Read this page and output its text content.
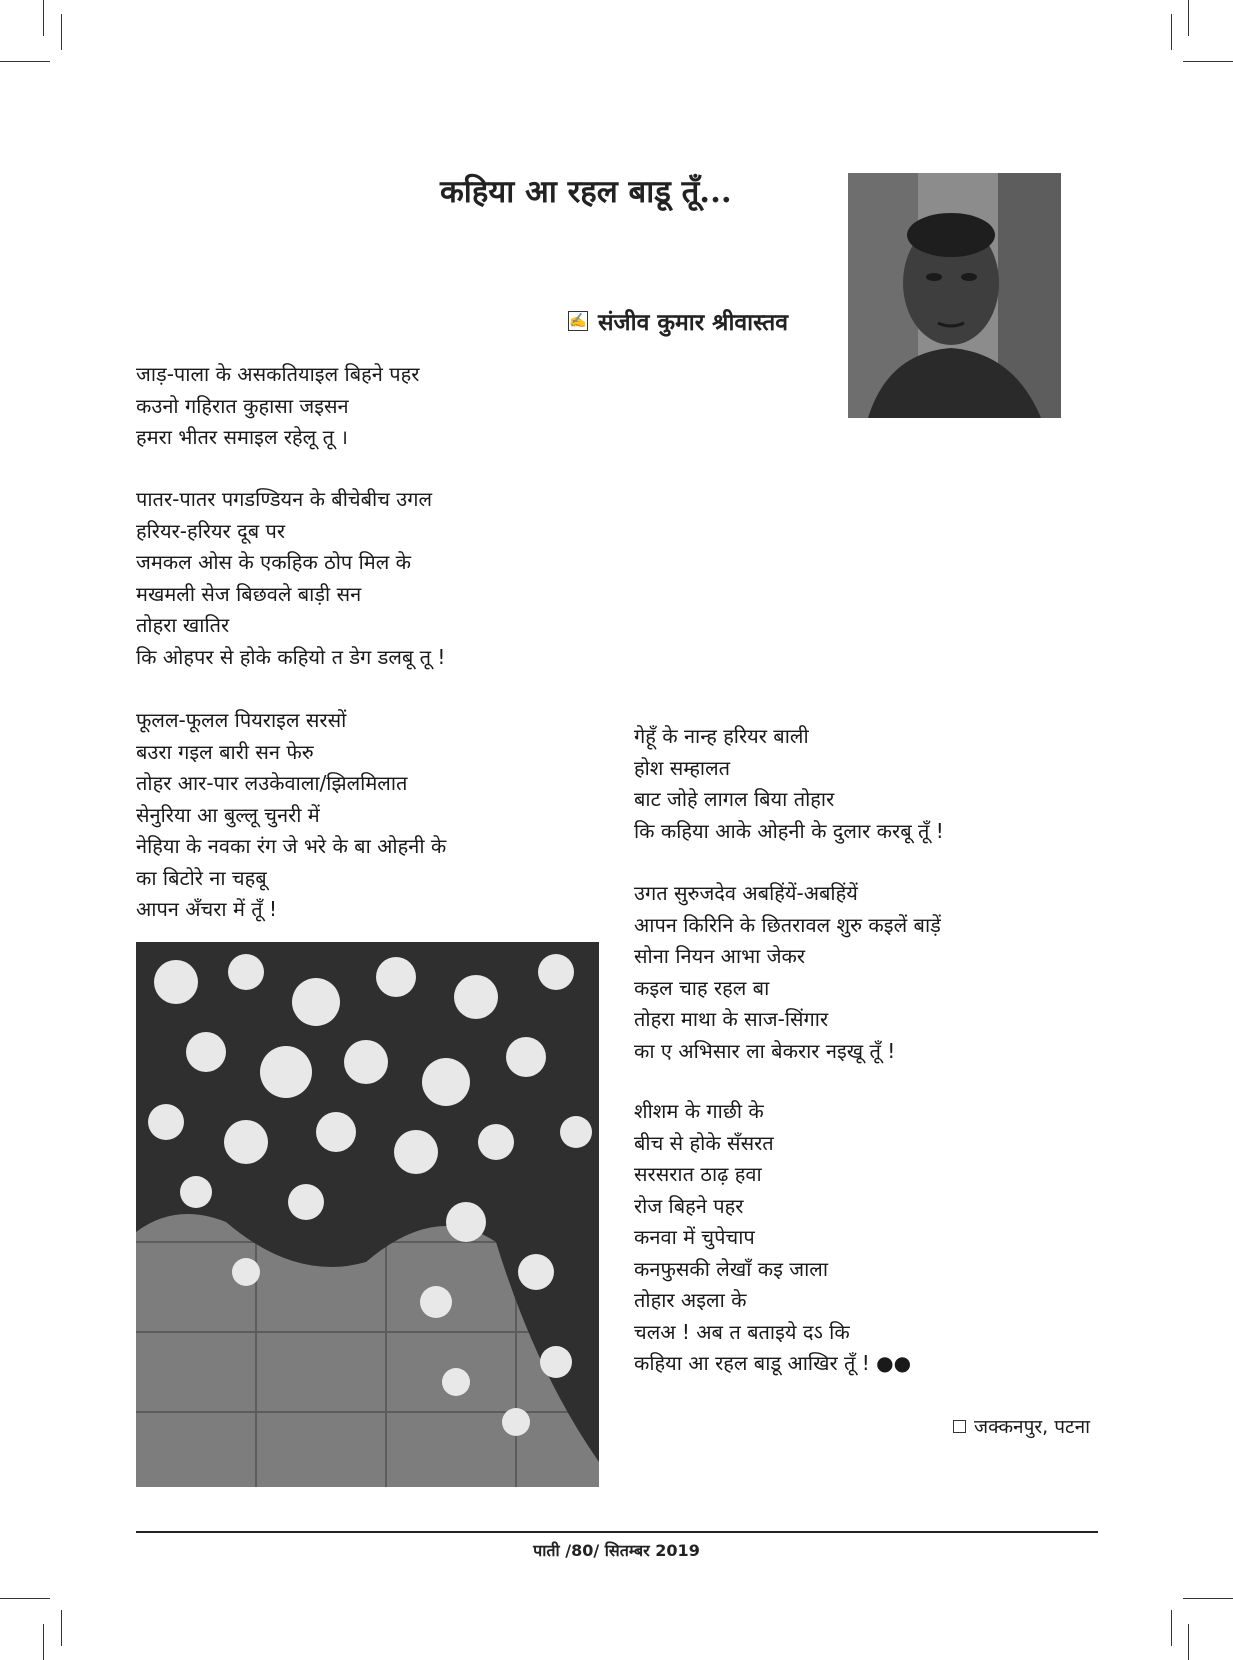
कहिया आ रहल बाडू तूँ...
✍ संजीव कुमार श्रीवास्तव
जाड़-पाला के असकतियाइल बिहने पहर
कउनो गहिरात कुहासा जइसन
हमरा भीतर समाइल रहेलू तू ।
पातर-पातर पगडण्डियन के बीचेबीच उगल
हरियर-हरियर दूब पर
जमकल ओस के एकहिक ठोप मिल के
मखमली सेज बिछवले बाड़ी सन
तोहरा खातिर
कि ओहपर से होके कहियो त डेग डलबू तू !
फूलल-फूलल पियराइल सरसों
बउरा गइल बारी सन फेरु
तोहर आर-पार लउकेवाला/झिलमिलात
सेनुरिया आ बुल्लू चुनरी में
नेहिया के नवका रंग जे भरे के बा ओहनी के
का बिटोरे ना चहबू
आपन अँचरा में तूँ !
गेहूँ के नान्ह हरियर बाली
होश सम्हालत
बाट जोहे लागल बिया तोहार
कि कहिया आके ओहनी के दुलार करबू तूँ !
उगत सुरुजदेव अबहिंयें-अबहिंयें
आपन किरिनि के छितरावल शुरु कइलें बाड़ें
सोना नियन आभा जेकर
कइल चाह रहल बा
तोहरा माथा के साज-सिंगार
का ए अभिसार ला बेकरार नइखू तूँ !
शीशम के गाछी के
बीच से होके सँसरत
सरसरात ठाढ़ हवा
रोज बिहने पहर
कनवा में चुपेचाप
कनफुसकी लेखाँ कइ जाला
तोहार अइला के
चलअ ! अब त बताइये दऽ कि
कहिया आ रहल बाडू आखिर तूँ ! ●●
जक्कनपुर, पटना
पाती /80/ सितम्बर 2019
